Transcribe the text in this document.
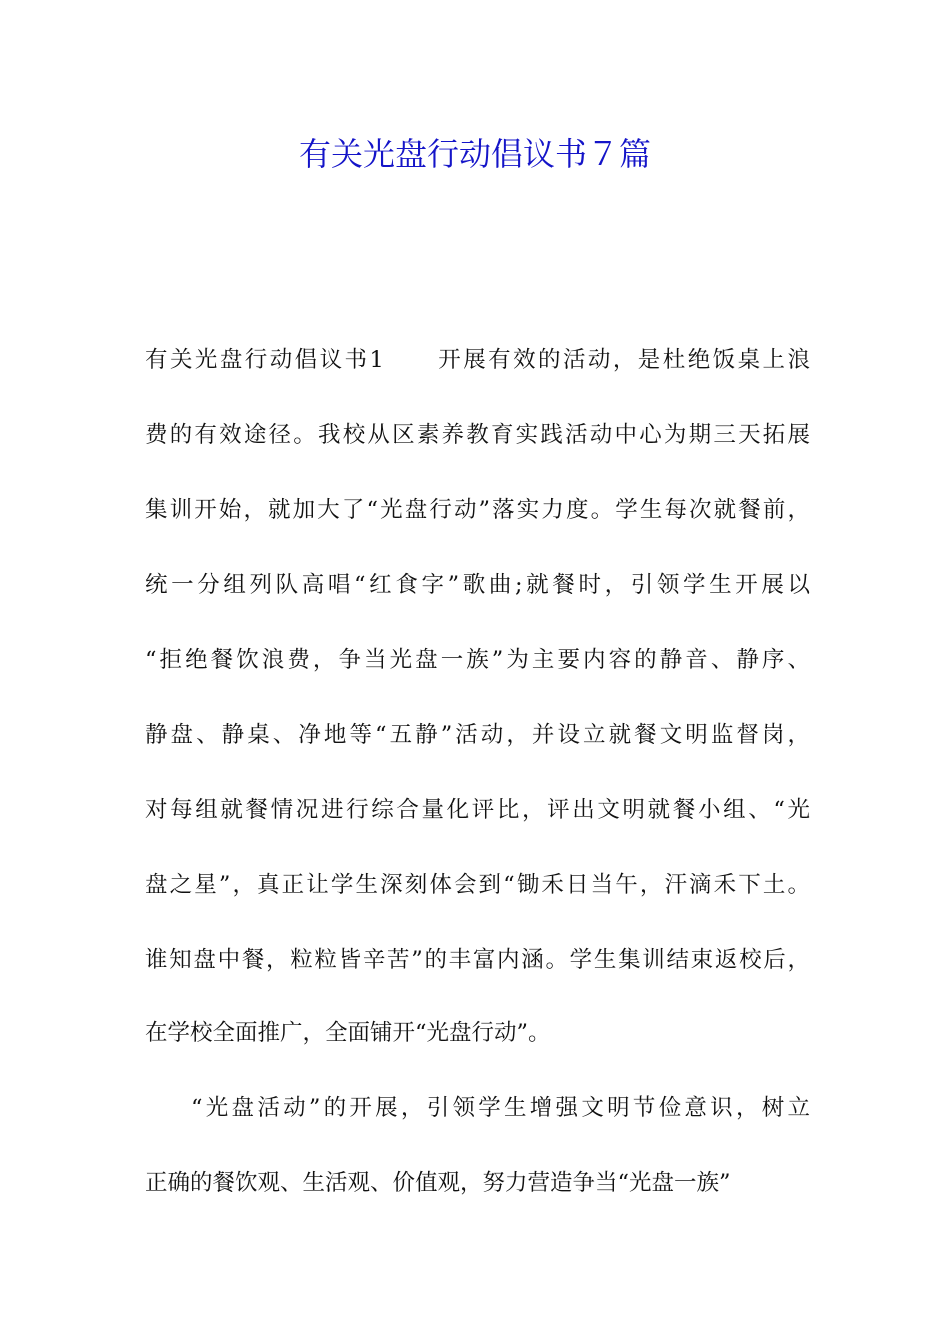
有关光盘行动倡议书７篇
有关光盘行动倡议书1 开展有效的活动，是杜绝饭桌上浪
费的有效途径。我校从区素养教育实践活动中心为期三天拓展
集训开始，就加大了“光盘行动”落实力度。学生每次就餐前，
统一分组列队高唱“红食字”歌曲;就餐时，引领学生开展以
“拒绝餐饮浪费，争当光盘一族”为主要内容的静音、静序、
静盘、静桌、净地等“五静”活动，并设立就餐文明监督岗，
对每组就餐情况进行综合量化评比，评出文明就餐小组、“光
盘之星”，真正让学生深刻体会到“锄禾日当午，汗滴禾下土。
谁知盘中餐，粒粒皆辛苦”的丰富内涵。学生集训结束返校后，
在学校全面推广，全面铺开“光盘行动”。
“光盘活动”的开展，引领学生增强文明节俭意识，树立
正确的餐饮观、生活观、价值观，努力营造争当“光盘一族”
